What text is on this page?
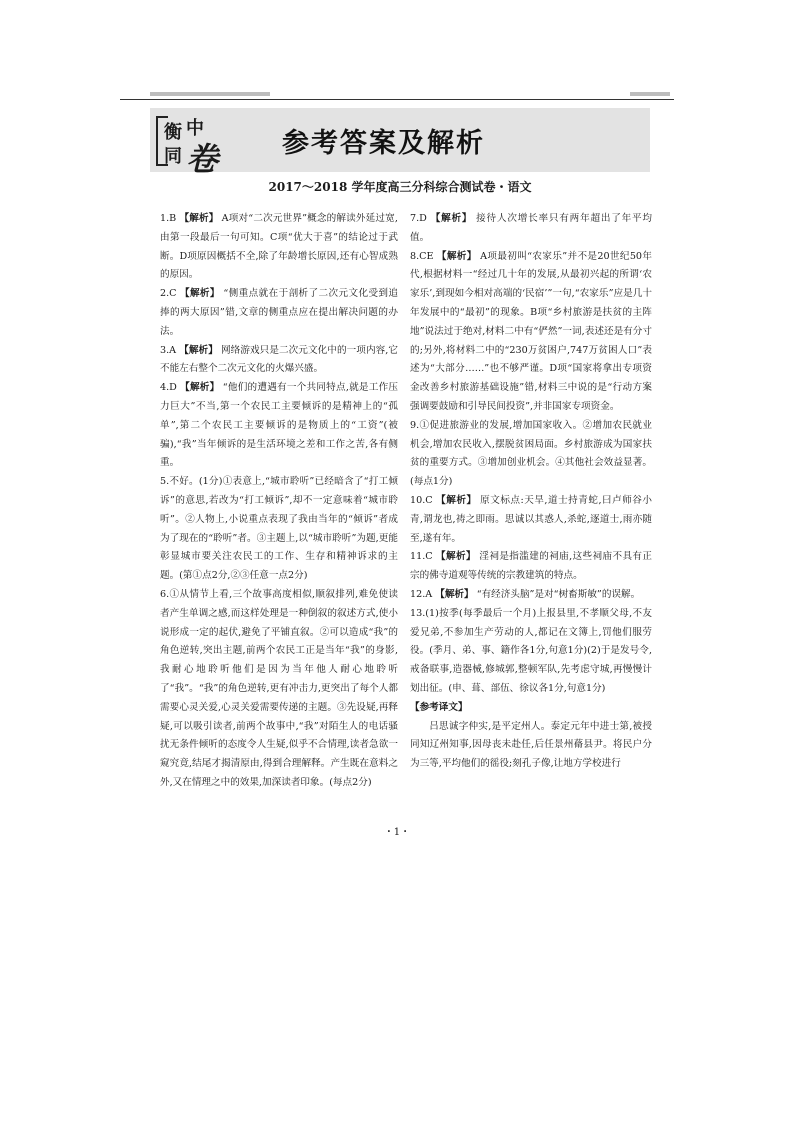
衡 中
同 卷 参考答案及解析
2017～2018 学年度高三分科综合测试卷・语文

1.B 【解析】 A项对“二次元世界”概念的解读外延过宽,由第一段最后一句可知。C项“优大于喜”的结论过于武断。D项原因概括不全,除了年龄增长原因,还有心智成熟的原因。

2.C 【解析】 “侧重点就在于剖析了二次元文化受到追捧的两大原因”错,文章的侧重点应在提出解决问题的办法。

3.A 【解析】 网络游戏只是二次元文化中的一项内容,它不能左右整个二次元文化的火爆兴盛。

4.D 【解析】 “他们的遭遇有一个共同特点,就是工作压力巨大”不当,第一个农民工主要倾诉的是精神上的“孤单”,第二个农民工主要倾诉的是物质上的“工资”(被骗),“我”当年倾诉的是生活环境之差和工作之苦,各有侧重。

5.不好。(1分)①表意上,“城市聆听”已经暗含了“打工倾诉”的意思,若改为“打工倾诉”,却不一定意味着“城市聆听”。②人物上,小说重点表现了我由当年的“倾诉”者成为了现在的“聆听”者。③主题上,以“城市聆听”为题,更能彰显城市要关注农民工的工作、生存和精神诉求的主题。(第①点2分,②③任意一点2分)

6.①从情节上看,三个故事高度相似,顺叙排列,难免使读者产生单调之感,而这样处理是一种倒叙的叙述方式,使小说形成一定的起伏,避免了平铺直叙。②可以造成“我”的角色逆转,突出主题,前两个农民工正是当年“我”的身影,我耐心地聆听他们是因为当年他人耐心地聆听了“我”。“我”的角色逆转,更有冲击力,更突出了每个人都需要心灵关爱,心灵关爱需要传递的主题。③先设疑,再释疑,可以吸引读者,前两个故事中,“我”对陌生人的电话骚扰无条件倾听的态度令人生疑,似乎不合情理,读者急欲一窥究竟,结尾才揭清原由,得到合理解释。产生既在意料之外,又在情理之中的效果,加深读者印象。(每点2分)

7.D 【解析】 接待人次增长率只有两年超出了年平均值。

8.CE 【解析】 A项最初叫“农家乐”并不是20世纪50年代,根据材料一“经过几十年的发展,从最初兴起的所谓‘农家乐’,到现如今相对高端的‘民宿’”一句,“农家乐”应是几十年发展中的“最初”的现象。B项“乡村旅游是扶贫的主阵地”说法过于绝对,材料二中有“俨然”一词,表述还是有分寸的;另外,将材料二中的“230万贫困户,747万贫困人口”表述为“大部分……”也不够严谨。D项“国家将拿出专项资金改善乡村旅游基础设施”错,材料三中说的是“行动方案强调要鼓励和引导民间投资”,并非国家专项资金。

9.①促进旅游业的发展,增加国家收入。②增加农民就业机会,增加农民收入,摆脱贫困局面。乡村旅游成为国家扶贫的重要方式。③增加创业机会。④其他社会效益显著。(每点1分)

10.C 【解析】 原文标点:天旱,道士持青蛇,曰卢师谷小青,谓龙也,祷之即雨。思诚以其惑人,杀蛇,逐道士,雨亦随至,遂有年。

11.C 【解析】 淫祠是指滥建的祠庙,这些祠庙不具有正宗的佛寺道观等传统的宗教建筑的特点。

12.A 【解析】 “有经济头脑”是对“树畜斯敏”的误解。

13.(1)按季(每季最后一个月)上报县里,不孝顺父母,不友爱兄弟,不参加生产劳动的人,都记在文簿上,罚他们服劳役。(季月、弟、事、籍作各1分,句意1分)(2)于是发号令,戒备联事,造器械,修城郭,整顿军队,先考虑守城,再慢慢计划出征。(申、葺、部伍、徐议各1分,句意1分)

【参考译文】

吕思诚字仲实,是平定州人。泰定元年中进士第,被授同知辽州知事,因母丧未赴任,后任景州蓨县尹。将民户分为三等,平均他们的徭役;刻孔子像,让地方学校进行

・1・
